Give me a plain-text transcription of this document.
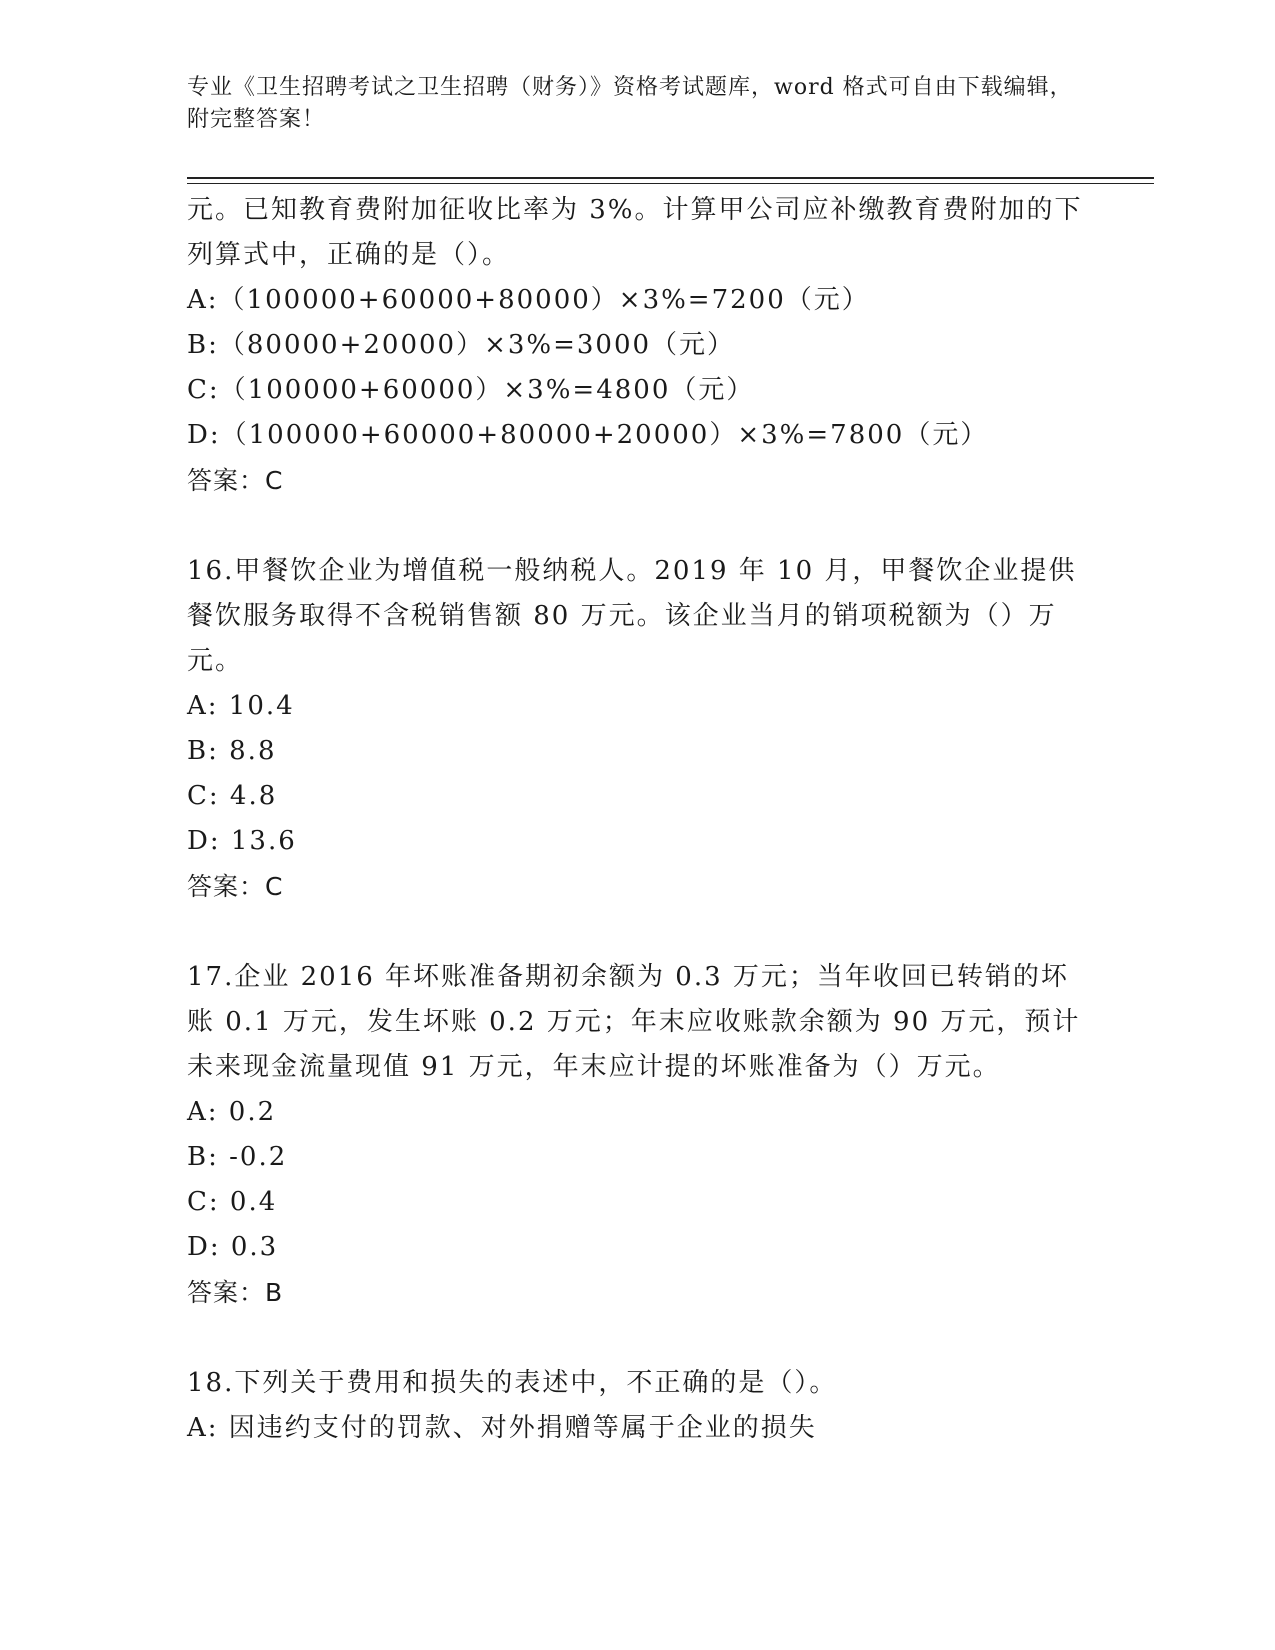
专业《卫生招聘考试之卫生招聘（财务）》资格考试题库，word 格式可自由下载编辑，附完整答案！
元。已知教育费附加征收比率为 3%。计算甲公司应补缴教育费附加的下列算式中，正确的是（）。
A:（100000+60000+80000）×3%=7200（元）
B:（80000+20000）×3%=3000（元）
C:（100000+60000）×3%=4800（元）
D:（100000+60000+80000+20000）×3%=7800（元）
答案：C
16.甲餐饮企业为增值税一般纳税人。2019 年 10 月，甲餐饮企业提供餐饮服务取得不含税销售额 80 万元。该企业当月的销项税额为（）万元。
A: 10.4
B: 8.8
C: 4.8
D: 13.6
答案：C
17.企业 2016 年坏账准备期初余额为 0.3 万元；当年收回已转销的坏账 0.1 万元，发生坏账 0.2 万元；年末应收账款余额为 90 万元，预计未来现金流量现值 91 万元，年末应计提的坏账准备为（）万元。
A: 0.2
B: -0.2
C: 0.4
D: 0.3
答案：B
18.下列关于费用和损失的表述中，不正确的是（）。
A: 因违约支付的罚款、对外捐赠等属于企业的损失
